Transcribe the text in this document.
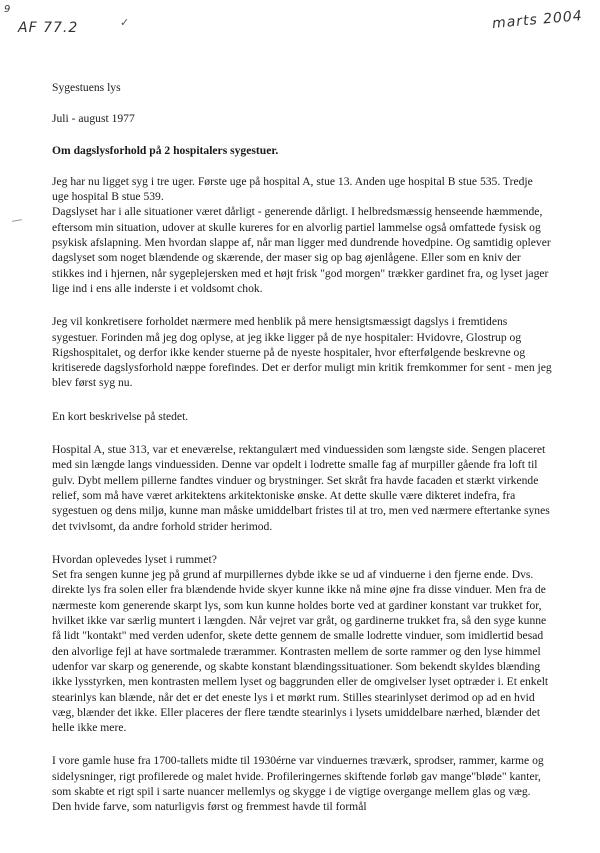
9
AF 77.2	✓	marts 2004

Sygestuens lys

Juli - august 1977

Om dagslysforhold på 2 hospitalers sygestuer.

Jeg har nu ligget syg i tre uger. Første uge på hospital A, stue 13. Anden uge hospital B stue 535. Tredje uge hospital B stue 539.

Dagslyset har i alle situationer været dårligt - generende dårligt. I helbredsmæssig henseende hæmmende, eftersom min situation, udover at skulle kureres for en alvorlig partiel lammelse også omfattede fysisk og psykisk afslapning. Men hvordan slappe af, når man ligger med dundrende hovedpine. Og samtidig oplever dagslyset som noget blændende og skærende, der maser sig op bag øjenlågene. Eller som en kniv der stikkes ind i hjernen, når sygeplejersken med et højt frisk "god morgen" trækker gardinet fra, og lyset jager lige ind i ens alle inderste i et voldsomt chok.

Jeg vil konkretisere forholdet nærmere med henblik på mere hensigtsmæssigt dagslys i fremtidens sygestuer. Forinden må jeg dog oplyse, at jeg ikke ligger på de nye hospitaler: Hvidovre, Glostrup og Rigshospitalet, og derfor ikke kender stuerne på de nyeste hospitaler, hvor efterfølgende beskrevne og kritiserede dagslysforhold næppe forefindes. Det er derfor muligt min kritik fremkommer for sent - men jeg blev først syg nu.

En kort beskrivelse på stedet.

Hospital A, stue 313, var et eneværelse, rektangulært med vinduessiden som længste side. Sengen placeret med sin længde langs vinduessiden. Denne var opdelt i lodrette smalle fag af murpiller gående fra loft til gulv. Dybt mellem pillerne fandtes vinduer og brystninger. Set skråt fra havde facaden et stærkt virkende relief, som må have været arkitektens arkitektoniske ønske. At dette skulle være dikteret indefra, fra sygestuen og dens miljø, kunne man måske umiddelbart fristes til at tro, men ved nærmere eftertanke synes det tvivlsomt, da andre forhold strider herimod.

Hvordan oplevedes lyset i rummet?

Set fra sengen kunne jeg på grund af murpillernes dybde ikke se ud af vinduerne i den fjerne ende. Dvs. direkte lys fra solen eller fra blændende hvide skyer kunne ikke nå mine øjne fra disse vinduer. Men fra de nærmeste kom generende skarpt lys, som kun kunne holdes borte ved at gardiner konstant var trukket for, hvilket ikke var særlig muntert i længden. Når vejret var gråt, og gardinerne trukket fra, så den syge kunne få lidt "kontakt" med verden udenfor, skete dette gennem de smalle lodrette vinduer, som imidlertid besad den alvorlige fejl at have sortmalede trærammer. Kontrasten mellem de sorte rammer og den lyse himmel udenfor var skarp og generende, og skabte konstant blændingssituationer. Som bekendt skyldes blænding ikke lysstyrken, men kontrasten mellem lyset og baggrunden eller de omgivelser lyset optræder i. Et enkelt stearinlys kan blænde, når det er det eneste lys i et mørkt rum. Stilles stearinlyset derimod op ad en hvid væg, blænder det ikke. Eller placeres der flere tændte stearinlys i lysets umiddelbare nærhed, blænder det helle ikke mere.

I vore gamle huse fra 1700-tallets midte til 1930érne var vinduernes træværk, sprodser, rammer, karme og sidelysninger, rigt profilerede og malet hvide. Profileringernes skiftende forløb gav mange"bløde" kanter, som skabte et rigt spil i sarte nuancer mellemlys og skygge i de vigtige overgange mellem glas og væg. Den hvide farve, som naturligvis først og fremmest havde til formål
